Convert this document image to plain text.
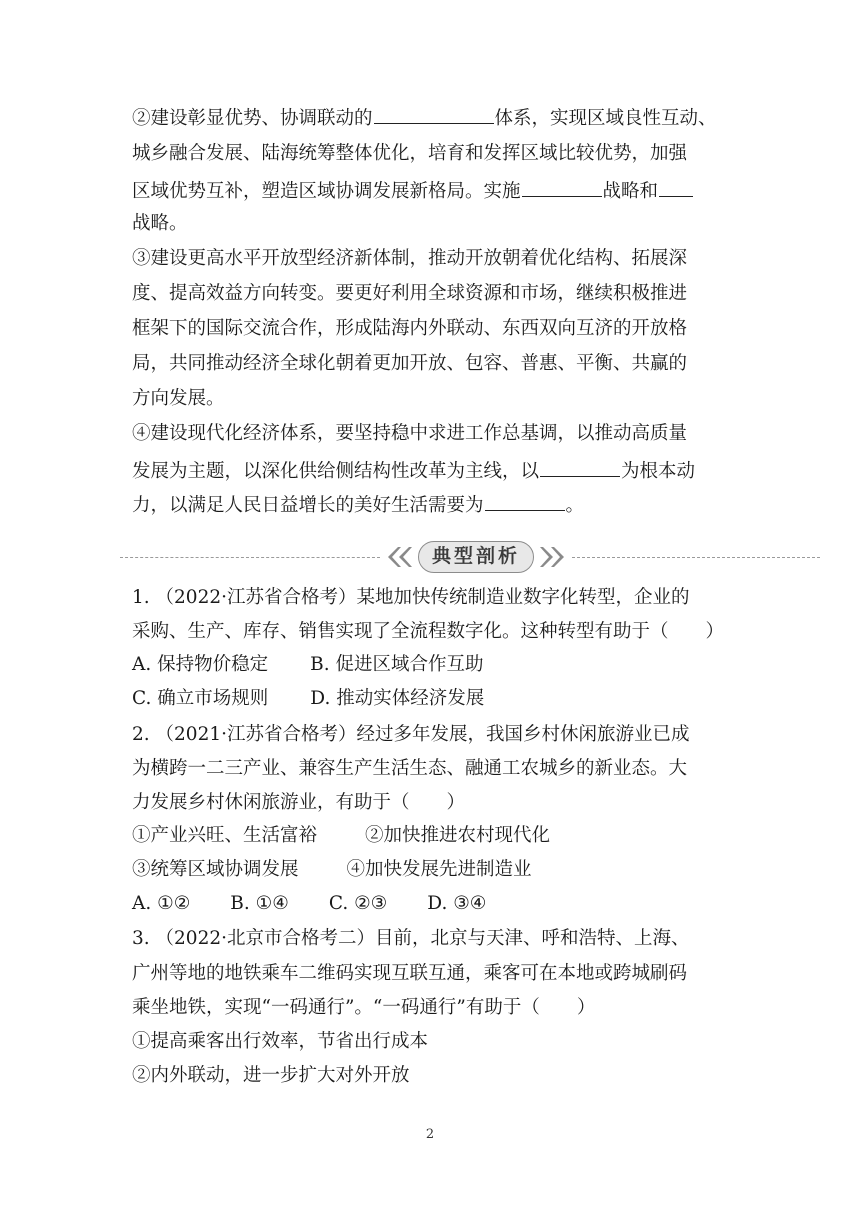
②建设彰显优势、协调联动的	体系，实现区域良性互动、
城乡融合发展、陆海统筹整体优化，培育和发挥区域比较优势，加强
区域优势互补，塑造区域协调发展新格局。实施	战略和
战略。
③建设更高水平开放型经济新体制，推动开放朝着优化结构、拓展深
度、提高效益方向转变。要更好利用全球资源和市场，继续积极推进
框架下的国际交流合作，形成陆海内外联动、东西双向互济的开放格
局，共同推动经济全球化朝着更加开放、包容、普惠、平衡、共赢的
方向发展。
④建设现代化经济体系，要坚持稳中求进工作总基调，以推动高质量
发展为主题，以深化供给侧结构性改革为主线，以	为根本动
力，以满足人民日益增长的美好生活需要为	。
典型剖析
1. （2022·江苏省合格考）某地加快传统制造业数字化转型，企业的
采购、生产、库存、销售实现了全流程数字化。这种转型有助于（　　）
A. 保持物价稳定 B. 促进区域合作互助
C. 确立市场规则 D. 推动实体经济发展
2. （2021·江苏省合格考）经过多年发展，我国乡村休闲旅游业已成
为横跨一二三产业、兼容生产生活生态、融通工农城乡的新业态。大
力发展乡村休闲旅游业，有助于（　　）
①产业兴旺、生活富裕	②加快推进农村现代化
③统筹区域协调发展	④加快发展先进制造业
A. ①② B. ①④ C. ②③ D. ③④
3. （2022·北京市合格考二）目前，北京与天津、呼和浩特、上海、
广州等地的地铁乘车二维码实现互联互通，乘客可在本地或跨城刷码
乘坐地铁，实现“一码通行”。“一码通行”有助于（　　）
①提高乘客出行效率，节省出行成本
②内外联动，进一步扩大对外开放
2
